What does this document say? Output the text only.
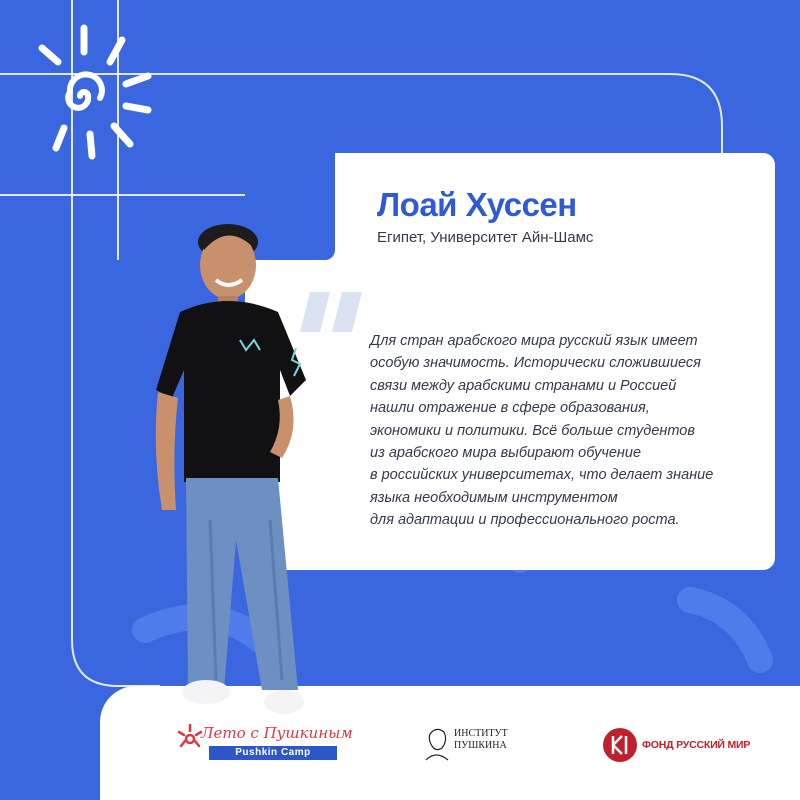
Лоай Хуссен
Египет, Университет Айн-Шамс
Для стран арабского мира русский язык имеет
особую значимость. Исторически сложившиеся
связи между арабскими странами и Россией
нашли отражение в сфере образования,
экономики и политики. Всё больше студентов
из арабского мира выбирают обучение
в российских университетах, что делает знание
языка необходимым инструментом
для адаптации и профессионального роста.
Лето с Пушкиным
Pushkin Camp
ИНСТИТУТ
ПУШКИНА	ФОНД РУССКИЙ МИР
